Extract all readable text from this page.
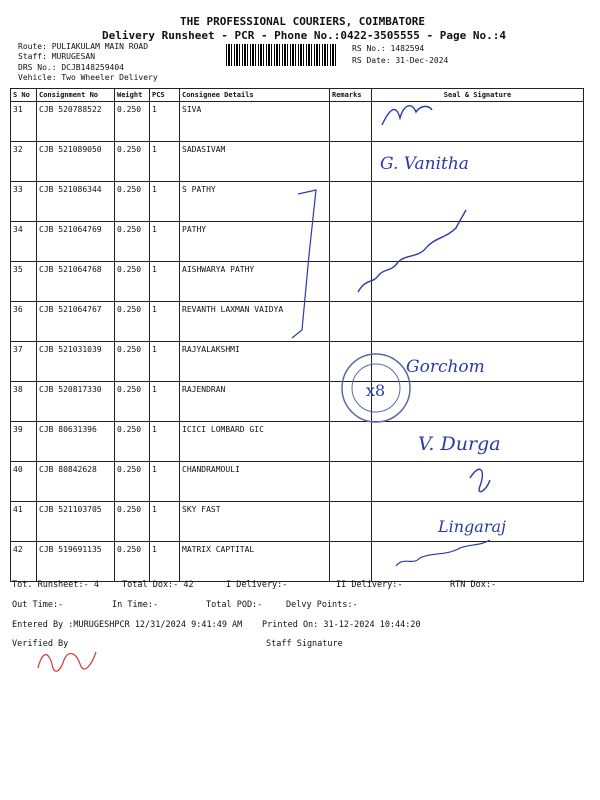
THE PROFESSIONAL COURIERS, COIMBATORE
Delivery Runsheet - PCR - Phone No.:0422-3505555 - Page No.:4
Route: PULIAKULAM MAIN ROAD
Staff: MURUGESAN
DRS No.: DCJB148259404
Vehicle: Two Wheeler Delivery
RS No.: 1482594
RS Date: 31-Dec-2024
S No	Consignment No	Weight	PCS	Consignee Details	Remarks	Seal & Signature
31	CJB 520788522	0.250	1	SIVA		
32	CJB 521089050	0.250	1	SADASIVAM		
33	CJB 521086344	0.250	1	S PATHY		
34	CJB 521064769	0.250	1	PATHY		
35	CJB 521064768	0.250	1	AISHWARYA PATHY		
36	CJB 521064767	0.250	1	REVANTH LAXMAN VAIDYA		
37	CJB 521031039	0.250	1	RAJYALAKSHMI		
38	CJB 520817330	0.250	1	RAJENDRAN		
39	CJB 80631396	0.250	1	ICICI LOMBARD GIC		
40	CJB 80842628	0.250	1	CHANDRAMOULI		
41	CJB 521103705	0.250	1	SKY FAST		
42	CJB 519691135	0.250	1	MATRIX CAPTITAL		
G. Vanitha
x8
Gorchom
V. Durga
Lingaraj
Tot. Runsheet:- 4	Total Dox:- 42	I Delivery:-	II Delivery:-	RTN Dox:-
Out Time:-	In Time:-	Total POD:-	Delvy Points:-
Entered By :MURUGESHPCR 12/31/2024 9:41:49 AM Printed On: 31-12-2024 10:44:20
Verified By	Staff Signature
